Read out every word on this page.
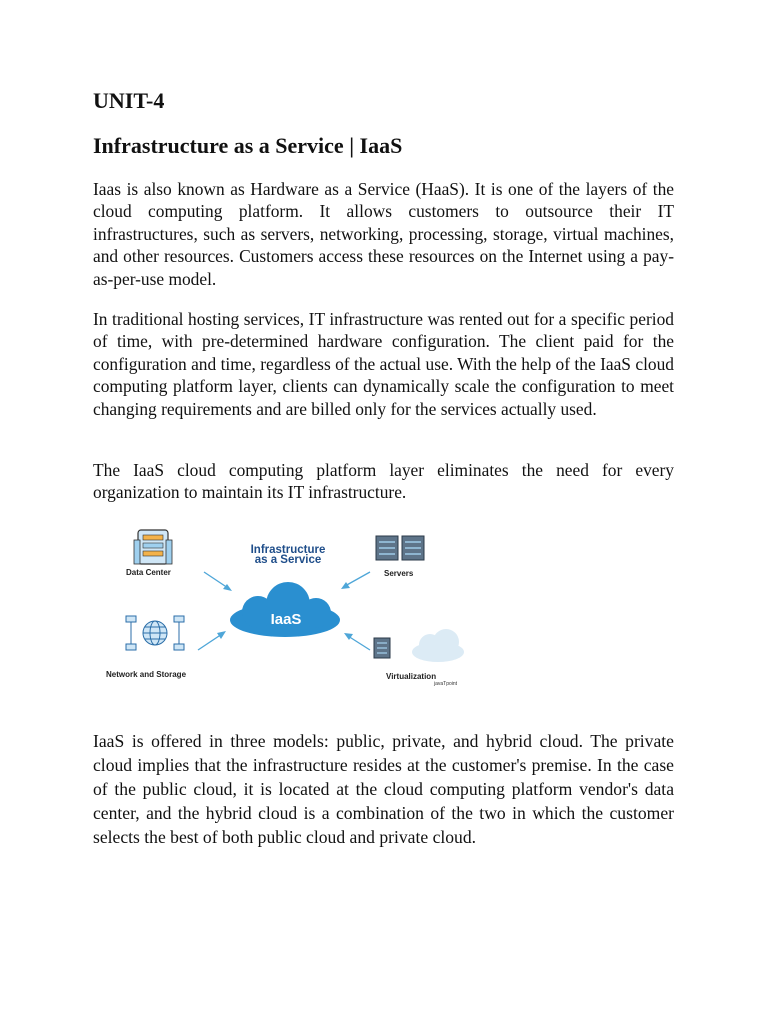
UNIT-4
Infrastructure as a Service | IaaS

Iaas is also known as Hardware as a Service (HaaS). It is one of the layers of the cloud computing platform. It allows customers to outsource their IT infrastructures, such as servers, networking, processing, storage, virtual machines, and other resources. Customers access these resources on the Internet using a pay-as-per-use model.

In traditional hosting services, IT infrastructure was rented out for a specific period of time, with pre-determined hardware configuration. The client paid for the configuration and time, regardless of the actual use. With the help of the IaaS cloud computing platform layer, clients can dynamically scale the configuration to meet changing requirements and are billed only for the services actually used.

The IaaS cloud computing platform layer eliminates the need for every organization to maintain its IT infrastructure.

Data Center	Servers
Infrastructure
as a Service
IaaS
Network and Storage	Virtualization
javaTpoint

IaaS is offered in three models: public, private, and hybrid cloud. The private cloud implies that the infrastructure resides at the customer's premise. In the case of the public cloud, it is located at the cloud computing platform vendor's data center, and the hybrid cloud is a combination of the two in which the customer selects the best of both public cloud and private cloud.
